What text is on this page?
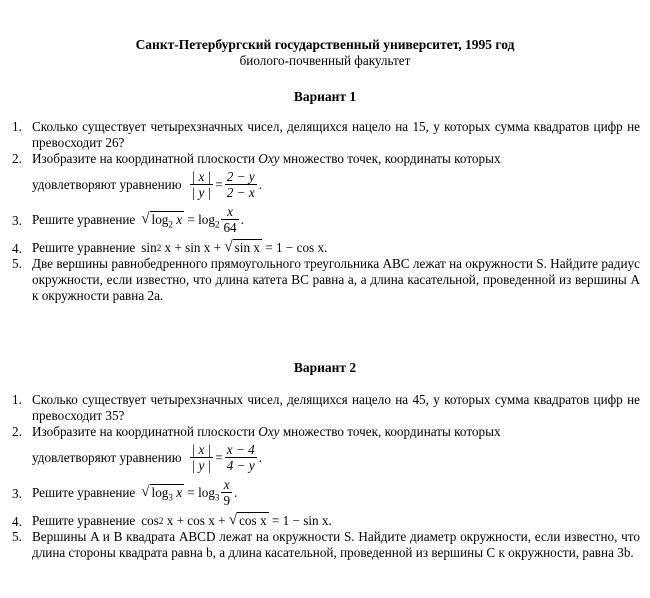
Санкт-Петербургский государственный университет, 1995 год
биолого-почвенный факультет
Вариант 1
1. Сколько существует четырехзначных чисел, делящихся нацело на 15, у которых сумма квадратов цифр не превосходит 26?
2. Изобразите на координатной плоскости Oxy множество точек, координаты которых
удовлетворяют уравнению $\frac{| x |}{| y |} = \frac{2 - y}{2 - x}$ .
3. Решите уравнение √ $\log_2 x = \log_2 \frac{x}{64}$ .
4. Решите уравнение sin 2
x + sin x +
√ sin x
= 1 − cos x .
5. Две вершины равнобедренного прямоугольного треугольника ABC лежат на окружности S. Найдите радиус окружности, если известно, что длина катета BC равна a, а длина касательной, проведенной из вершины A к окружности равна 2a.
Вариант 2
1. Сколько существует четырехзначных чисел, делящихся нацело на 45, у которых сумма квадратов цифр не превосходит 35?
2. Изобразите на координатной плоскости Oxy множество точек, координаты которых
удовлетворяют уравнению $\frac{| x |}{| y |} = \frac{x - 4}{4 - y}$ .
3. Решите уравнение √ $\log_3 x = \log_3 \frac{x}{9}$ .
4. Решите уравнение cos 2
x + cos x +
√ cos x
= 1 − sin x .
5. Вершины A и B квадрата ABCD лежат на окружности S. Найдите диаметр окружности, если известно, что длина стороны квадрата равна b, а длина касательной, проведенной из вершины C к окружности, равна 3b.
